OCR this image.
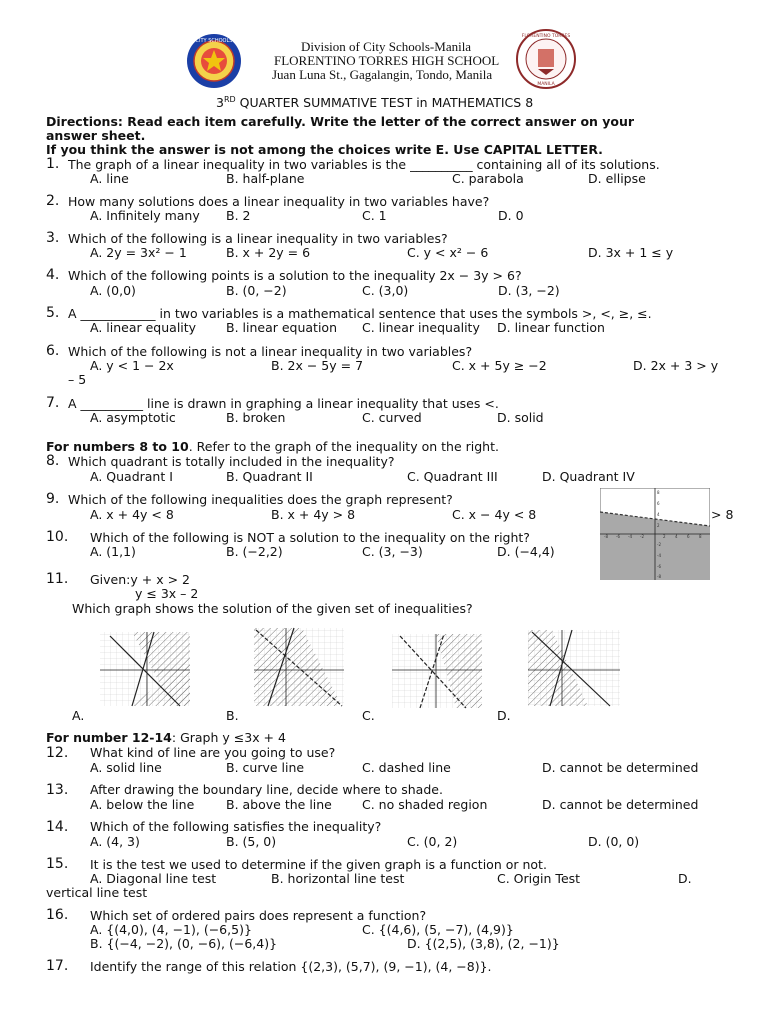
CITY SCHOOLS	Division of City Schools-Manila
FLORENTINO TORRES HIGH SCHOOL
Juan Luna St., Gagalangin, Tondo, Manila
FLORENTINO TORRES
MANILA
3RD QUARTER SUMMATIVE TEST in MATHEMATICS 8
Directions: Read each item carefully. Write the letter of the correct answer on your
answer sheet.
If you think the answer is not among the choices write E. Use CAPITAL LETTER.
1. The graph of a linear inequality in two variables is the __________ containing all of its solutions.
A. line	B. half-plane	C. parabola	D. ellipse
2. How many solutions does a linear inequality in two variables have?
A. Infinitely many B. 2	C. 1	D. 0
3. Which of the following is a linear inequality in two variables?
A. 2y = 3x² − 1	B. x + 2y = 6	C. y < x² − 6	D. 3x + 1 ≤ y
4. Which of the following points is a solution to the inequality 2x − 3y > 6?
A. (0,0)	B. (0, −2)	C. (3,0)	D. (3, −2)
5. A ____________ in two variables is a mathematical sentence that uses the symbols >, <, ≥, ≤.
A. linear equality B. linear equation C. linear inequality D. linear function
6. Which of the following is not a linear inequality in two variables?
A. y < 1 − 2x	B. 2x − 5y = 7	C. x + 5y ≥ −2	D. 2x + 3 > y
– 5
7. A __________ line is drawn in graphing a linear inequality that uses <.
A. asymptotic	B. broken	C. curved	D. solid
For numbers 8 to 10. Refer to the graph of the inequality on the right.
8. Which quadrant is totally included in the inequality?
A. Quadrant I	B. Quadrant II	C. Quadrant III	D. Quadrant IV
9. Which of the following inequalities does the graph represent?
A. x + 4y < 8	B. x + 4y > 8	C. x − 4y < 8	> 8
10. Which of the following is NOT a solution to the inequality on the right?
A. (1,1)	B. (−2,2)	C. (3, −3)	D. (−4,4)
-8 -6 -4 -2	2 4 6 8
8
6
4
2
-2
-4
-6
-8
11. Given:y + x > 2
y ≤ 3x – 2
Which graph shows the solution of the given set of inequalities?
A.	B.	C.	D.
For number 12-14: Graph y ≤3x + 4
12. What kind of line are you going to use?
A. solid line	B. curve line	C. dashed line	D. cannot be determined
13. After drawing the boundary line, decide where to shade.
A. below the line	B. above the line C. no shaded region	D. cannot be determined
14. Which of the following satisfies the inequality?
A. (4, 3)	B. (5, 0)	C. (0, 2)	D. (0, 0)
15. It is the test we used to determine if the given graph is a function or not.
A. Diagonal line test	B. horizontal line test	C. Origin Test	D.
vertical line test
16. Which set of ordered pairs does represent a function?
A. {(4,0), (4, −1), (−6,5)}	C. {(4,6), (5, −7), (4,9)}
B. {(−4, −2), (0, −6), (−6,4)}	D. {(2,5), (3,8), (2, −1)}
17. Identify the range of this relation {(2,3), (5,7), (9, −1), (4, −8)}.
